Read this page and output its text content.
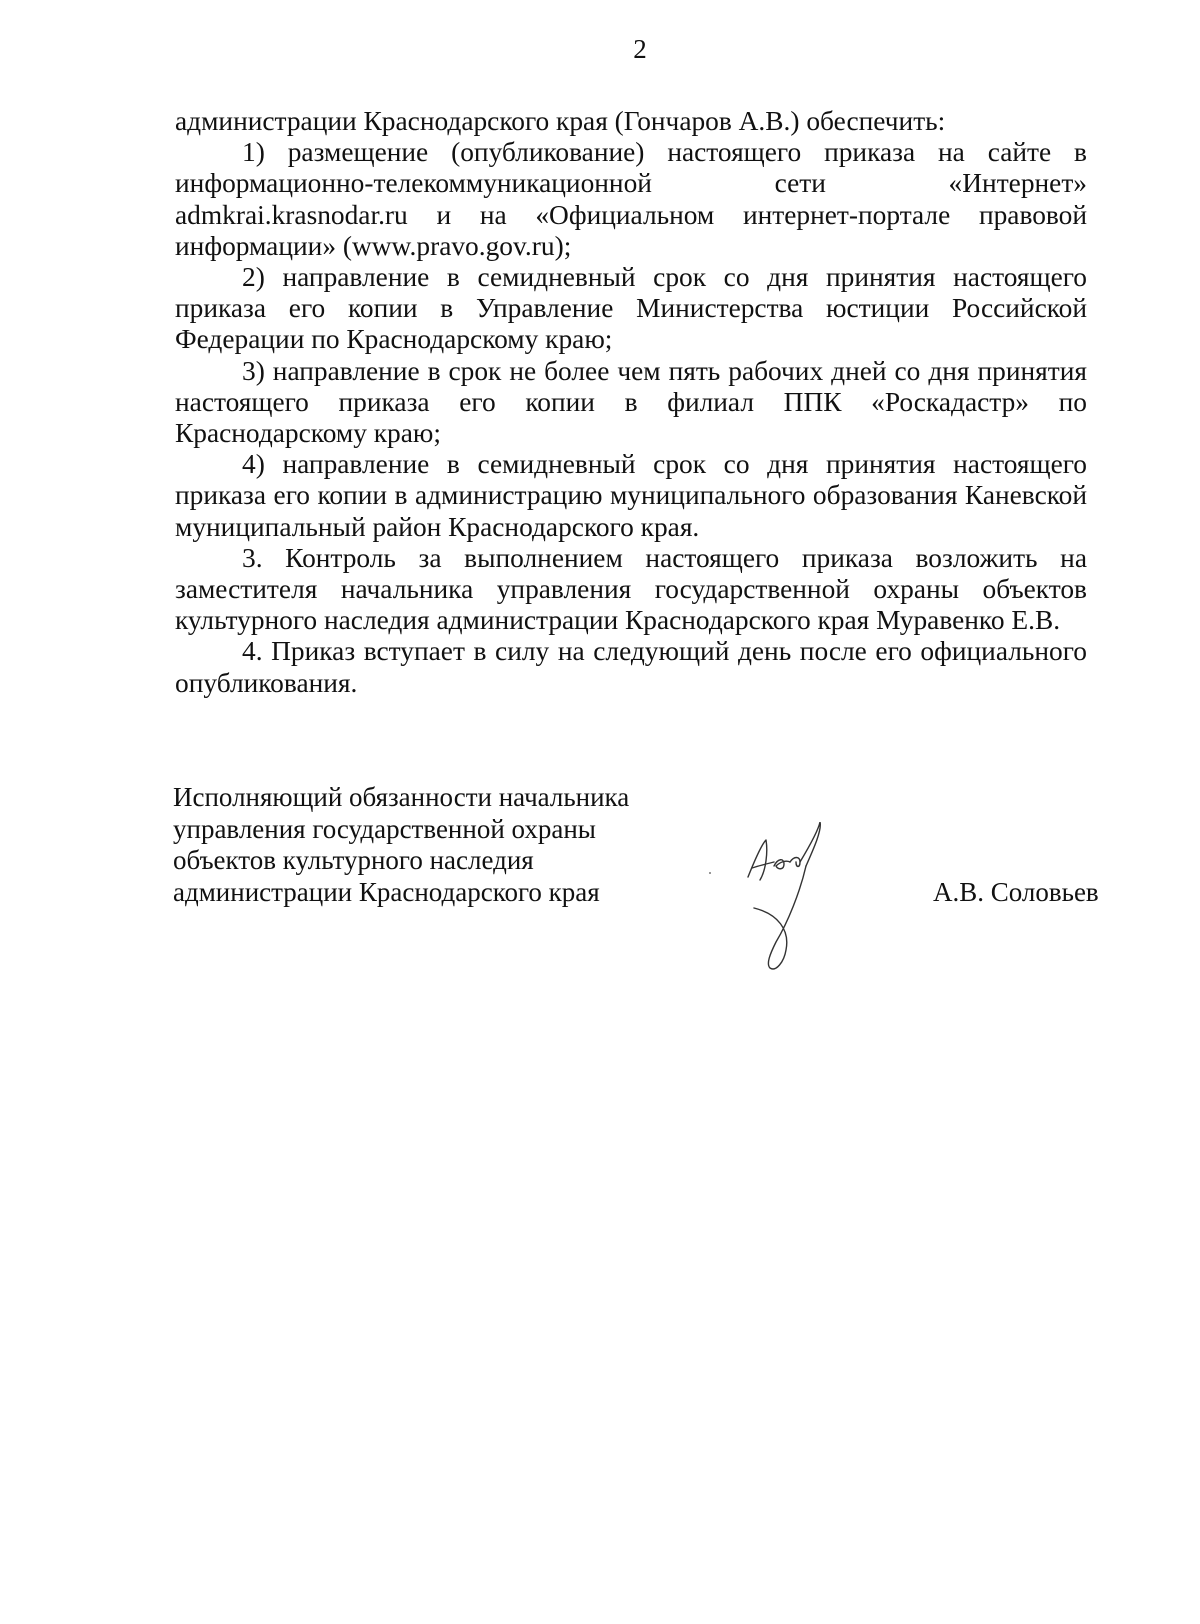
2

администрации Краснодарского края (Гончаров А.В.) обеспечить:

1) размещение (опубликование) настоящего приказа на сайте в информационно-телекоммуникационной сети «Интернет» admkrai.krasnodar.ru и на «Официальном интернет-портале правовой информации» (www.pravo.gov.ru);

2) направление в семидневный срок со дня принятия настоящего приказа его копии в Управление Министерства юстиции Российской Федерации по Краснодарскому краю;

3) направление в срок не более чем пять рабочих дней со дня принятия настоящего приказа его копии в филиал ППК «Роскадастр» по Краснодарскому краю;

4) направление в семидневный срок со дня принятия настоящего приказа его копии в администрацию муниципального образования Каневской муниципальный район Краснодарского края.

3. Контроль за выполнением настоящего приказа возложить на заместителя начальника управления государственной охраны объектов культурного наследия администрации Краснодарского края Муравенко Е.В.

4. Приказ вступает в силу на следующий день после его официального опубликования.

Исполняющий обязанности начальника
управления государственной охраны
объектов культурного наследия
администрации Краснодарского края	А.В. Соловьев
